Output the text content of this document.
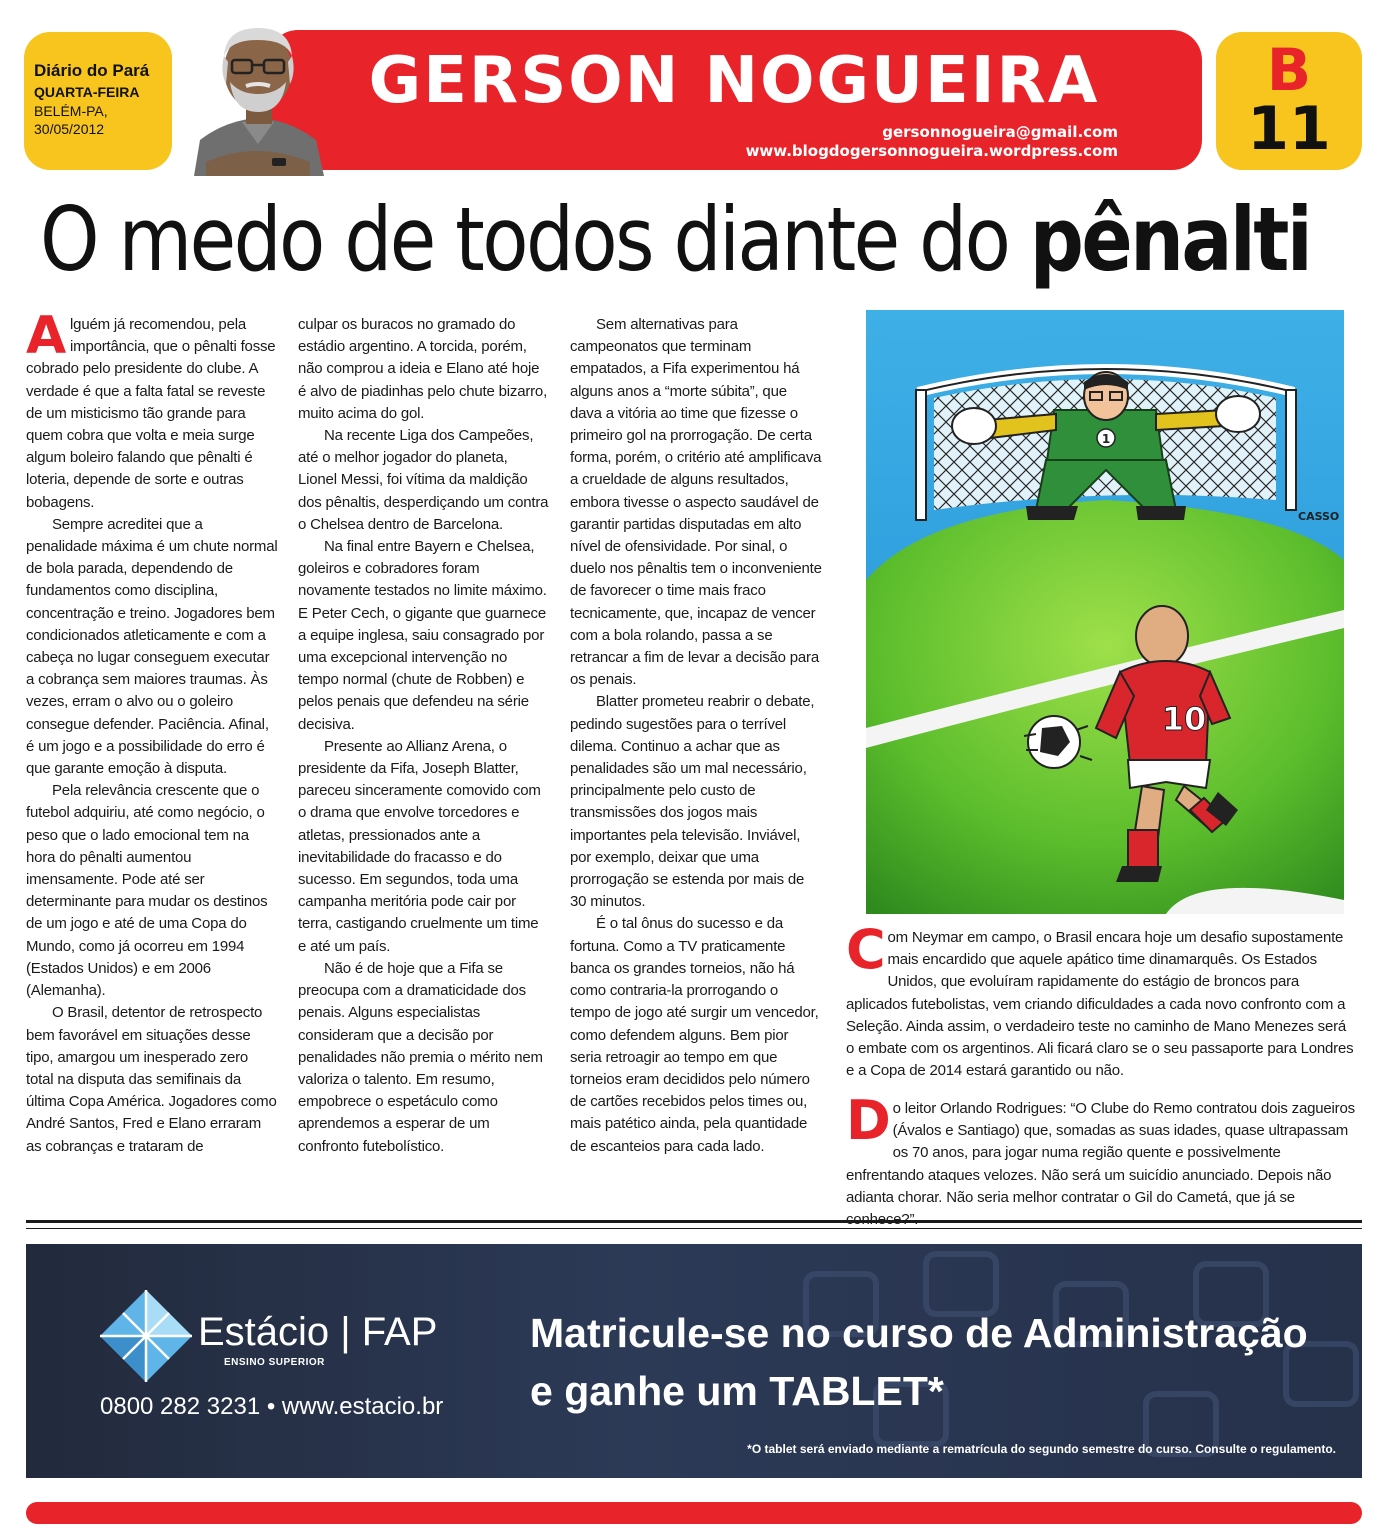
Diário do Pará
QUARTA-FEIRA
BELÉM-PA,
30/05/2012
GERSON NOGUEIRA
gersonnogueira@gmail.com
www.blogdogersonnogueira.wordpress.com
B
11
O medo de todos diante do pênalti

Alguém já recomendou, pela importância, que o pênalti fosse cobrado pelo presidente do clube. A verdade é que a falta fatal se reveste de um misticismo tão grande para quem cobra que volta e meia surge algum boleiro falando que pênalti é loteria, depende de sorte e outras bobagens.

Sempre acreditei que a penalidade máxima é um chute normal de bola parada, dependendo de fundamentos como disciplina, concentração e treino. Jogadores bem condicionados atleticamente e com a cabeça no lugar conseguem executar a cobrança sem maiores traumas. Às vezes, erram o alvo ou o goleiro consegue defender. Paciência. Afinal, é um jogo e a possibilidade do erro é que garante emoção à disputa.

Pela relevância crescente que o futebol adquiriu, até como negócio, o peso que o lado emocional tem na hora do pênalti aumentou imensamente. Pode até ser determinante para mudar os destinos de um jogo e até de uma Copa do Mundo, como já ocorreu em 1994 (Estados Unidos) e em 2006 (Alemanha).

O Brasil, detentor de retrospecto bem favorável em situações desse tipo, amargou um inesperado zero total na disputa das semifinais da última Copa América. Jogadores como André Santos, Fred e Elano erraram as cobranças e trataram de

culpar os buracos no gramado do estádio argentino. A torcida, porém, não comprou a ideia e Elano até hoje é alvo de piadinhas pelo chute bizarro, muito acima do gol.

Na recente Liga dos Campeões, até o melhor jogador do planeta, Lionel Messi, foi vítima da maldição dos pênaltis, desperdiçando um contra o Chelsea dentro de Barcelona.

Na final entre Bayern e Chelsea, goleiros e cobradores foram novamente testados no limite máximo. E Peter Cech, o gigante que guarnece a equipe inglesa, saiu consagrado por uma excepcional intervenção no tempo normal (chute de Robben) e pelos penais que defendeu na série decisiva.

Presente ao Allianz Arena, o presidente da Fifa, Joseph Blatter, pareceu sinceramente comovido com o drama que envolve torcedores e atletas, pressionados ante a inevitabilidade do fracasso e do sucesso. Em segundos, toda uma campanha meritória pode cair por terra, castigando cruelmente um time e até um país.

Não é de hoje que a Fifa se preocupa com a dramaticidade dos penais. Alguns especialistas consideram que a decisão por penalidades não premia o mérito nem valoriza o talento. Em resumo, empobrece o espetáculo como aprendemos a esperar de um confronto futebolístico.

Sem alternativas para campeonatos que terminam empatados, a Fifa experimentou há alguns anos a “morte súbita”, que dava a vitória ao time que fizesse o primeiro gol na prorrogação. De certa forma, porém, o critério até amplificava a crueldade de alguns resultados, embora tivesse o aspecto saudável de garantir partidas disputadas em alto nível de ofensividade. Por sinal, o duelo nos pênaltis tem o inconveniente de favorecer o time mais fraco tecnicamente, que, incapaz de vencer com a bola rolando, passa a se retrancar a fim de levar a decisão para os penais.

Blatter prometeu reabrir o debate, pedindo sugestões para o terrível dilema. Continuo a achar que as penalidades são um mal necessário, principalmente pelo custo de transmissões dos jogos mais importantes pela televisão. Inviável, por exemplo, deixar que uma prorrogação se estenda por mais de 30 minutos.

É o tal ônus do sucesso e da fortuna. Como a TV praticamente banca os grandes torneios, não há como contraria-la prorrogando o tempo de jogo até surgir um vencedor, como defendem alguns. Bem pior seria retroagir ao tempo em que torneios eram decididos pelo número de cartões recebidos pelos times ou, mais patético ainda, pela quantidade de escanteios para cada lado.

1
CASSO
10
Com Neymar em campo, o Brasil encara hoje um desafio supostamente mais encardido que aquele apático time dinamarquês. Os Estados Unidos, que evoluíram rapidamente do estágio de broncos para aplicados futebolistas, vem criando dificuldades a cada novo confronto com a Seleção. Ainda assim, o verdadeiro teste no caminho de Mano Menezes será o embate com os argentinos. Ali ficará claro se o seu passaporte para Londres e a Copa de 2014 estará garantido ou não.
Do leitor Orlando Rodrigues: “O Clube do Remo contratou dois zagueiros (Ávalos e Santiago) que, somadas as suas idades, quase ultrapassam os 70 anos, para jogar numa região quente e possivelmente enfrentando ataques velozes. Não será um suicídio anunciado. Depois não adianta chorar. Não seria melhor contratar o Gil do Cametá, que já se
Estácio | FAP
ENSINO SUPERIOR
0800 282 3231 • www.estacio.br
Matricule-se no curso de Administração
e ganhe um TABLET*
*O tablet será enviado mediante a rematrícula do segundo semestre do curso. Consulte o regulamento.
